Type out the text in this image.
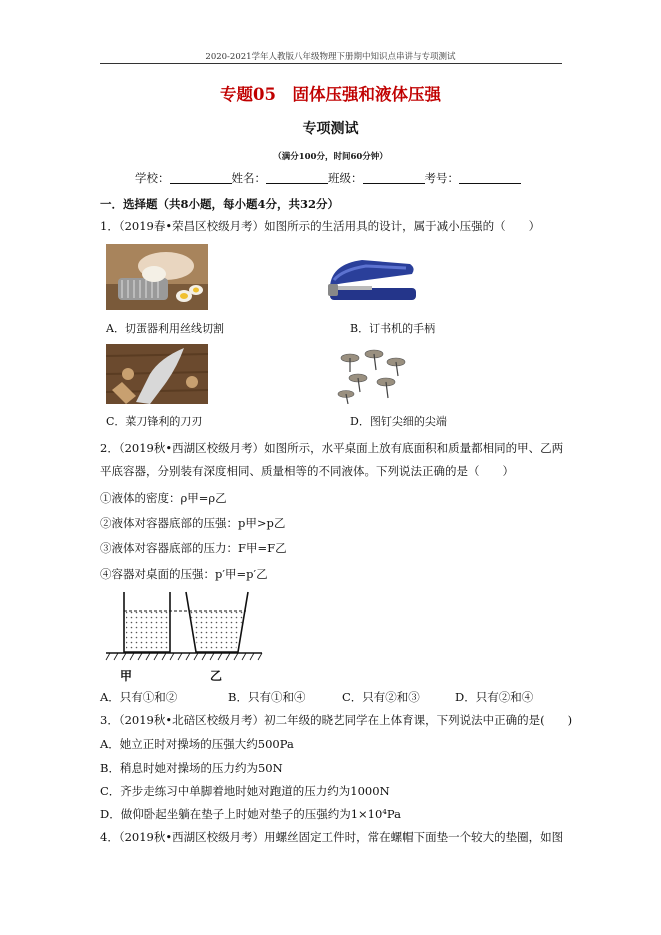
2020-2021学年人教版八年级物理下册期中知识点串讲与专项测试
专题05　固体压强和液体压强
专项测试
（满分100分，时间60分钟）
学校：	姓名：	班级：	考号：
一．选择题（共8小题，每小题4分，共32分）
1．（2019春•荣昌区校级月考）如图所示的生活用具的设计，属于减小压强的（　　）
A．切蛋器利用丝线切割	B．订书机的手柄
C．菜刀锋利的刀刃	D．图钉尖细的尖端
2．（2019秋•西湖区校级月考）如图所示，水平桌面上放有底面积和质量都相同的甲、乙两
平底容器，分别装有深度相同、质量相等的不同液体。下列说法正确的是（　　）
①液体的密度：ρ甲=ρ乙
②液体对容器底部的压强：p甲>p乙
③液体对容器底部的压力：F甲=F乙
④容器对桌面的压强：p′甲=p′乙
甲	乙
A．只有①和②	B．只有①和④	C．只有②和③	D．只有②和④
3．（2019秋•北碚区校级月考）初二年级的晓艺同学在上体育课，下列说法中正确的是(　　)
A．她立正时对操场的压强大约500Pa
B．稍息时她对操场的压力约为50N
C．齐步走练习中单脚着地时她对跑道的压力约为1000N
D．做仰卧起坐躺在垫子上时她对垫子的压强约为1×10⁴Pa
4．（2019秋•西湖区校级月考）用螺丝固定工件时，常在螺帽下面垫一个较大的垫圈，如图
